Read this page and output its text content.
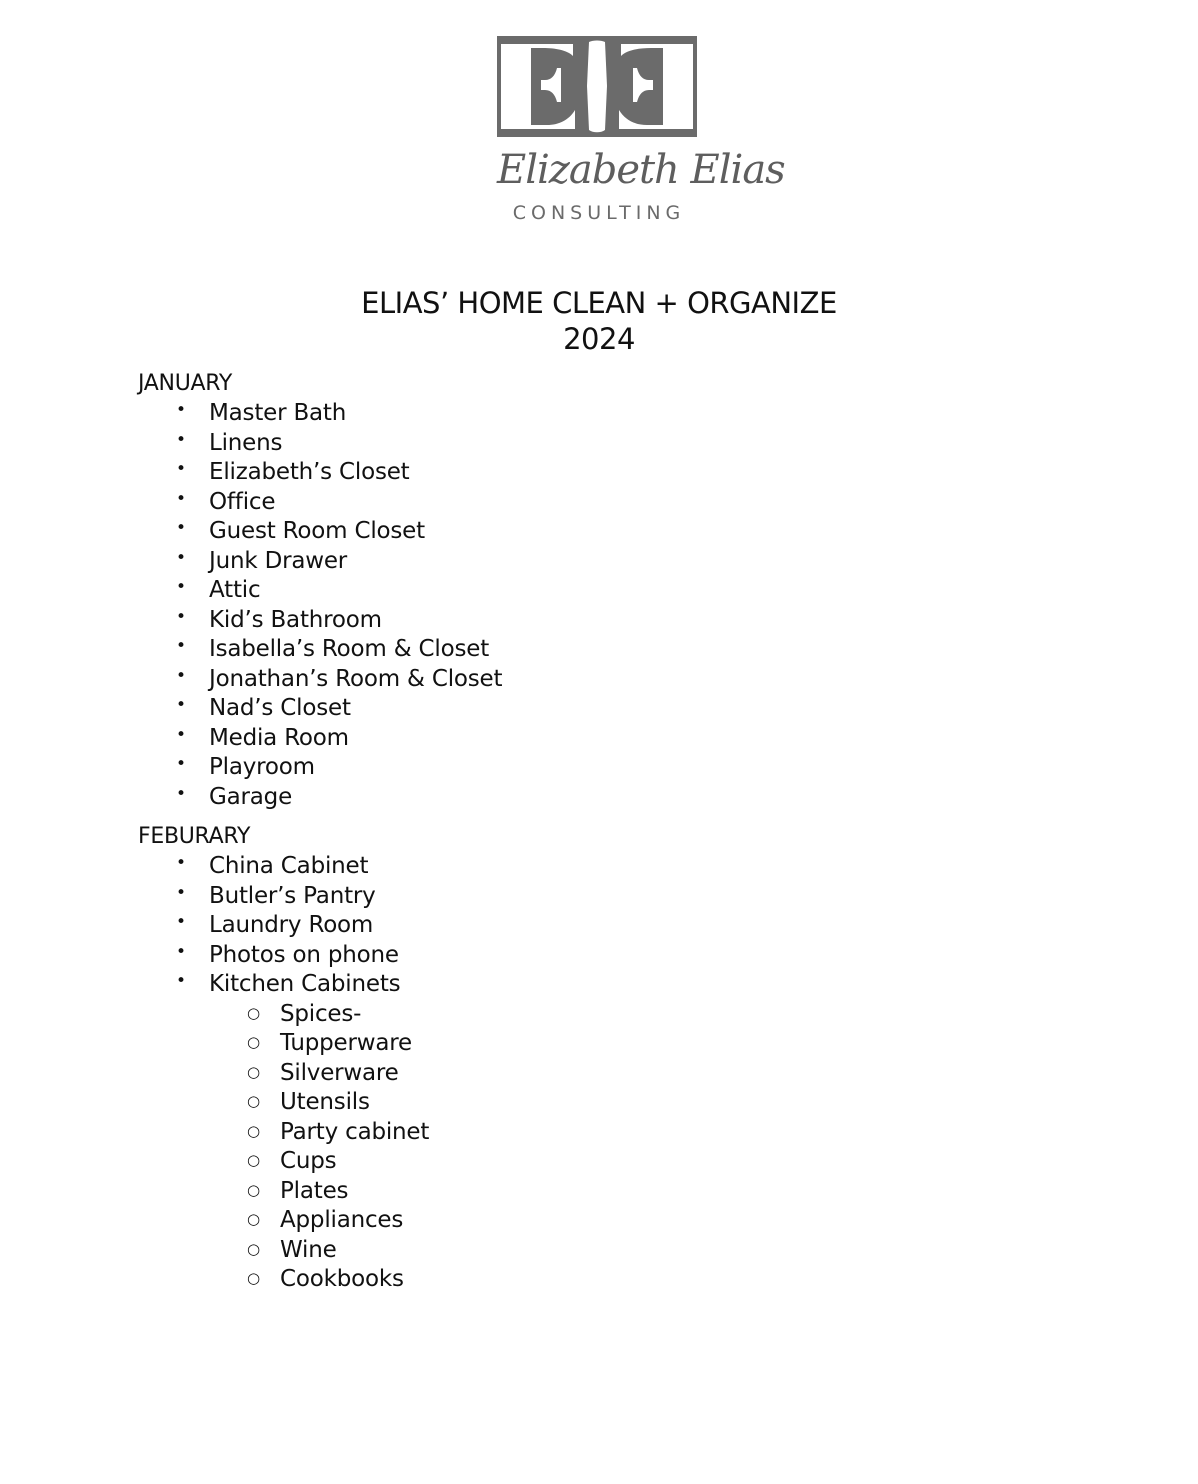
Elizabeth Elias
CONSULTING
ELIAS’ HOME CLEAN + ORGANIZE
2024
JANUARY
• Master Bath
• Linens
• Elizabeth’s Closet
• Office
• Guest Room Closet
• Junk Drawer
• Attic
• Kid’s Bathroom
• Isabella’s Room & Closet
• Jonathan’s Room & Closet
• Nad’s Closet
• Media Room
• Playroom
• Garage
FEBURARY
• China Cabinet
• Butler’s Pantry
• Laundry Room
• Photos on phone
• Kitchen Cabinets
○ Spices-
○ Tupperware
○ Silverware
○ Utensils
○ Party cabinet
○ Cups
○ Plates
○ Appliances
○ Wine
○ Cookbooks
